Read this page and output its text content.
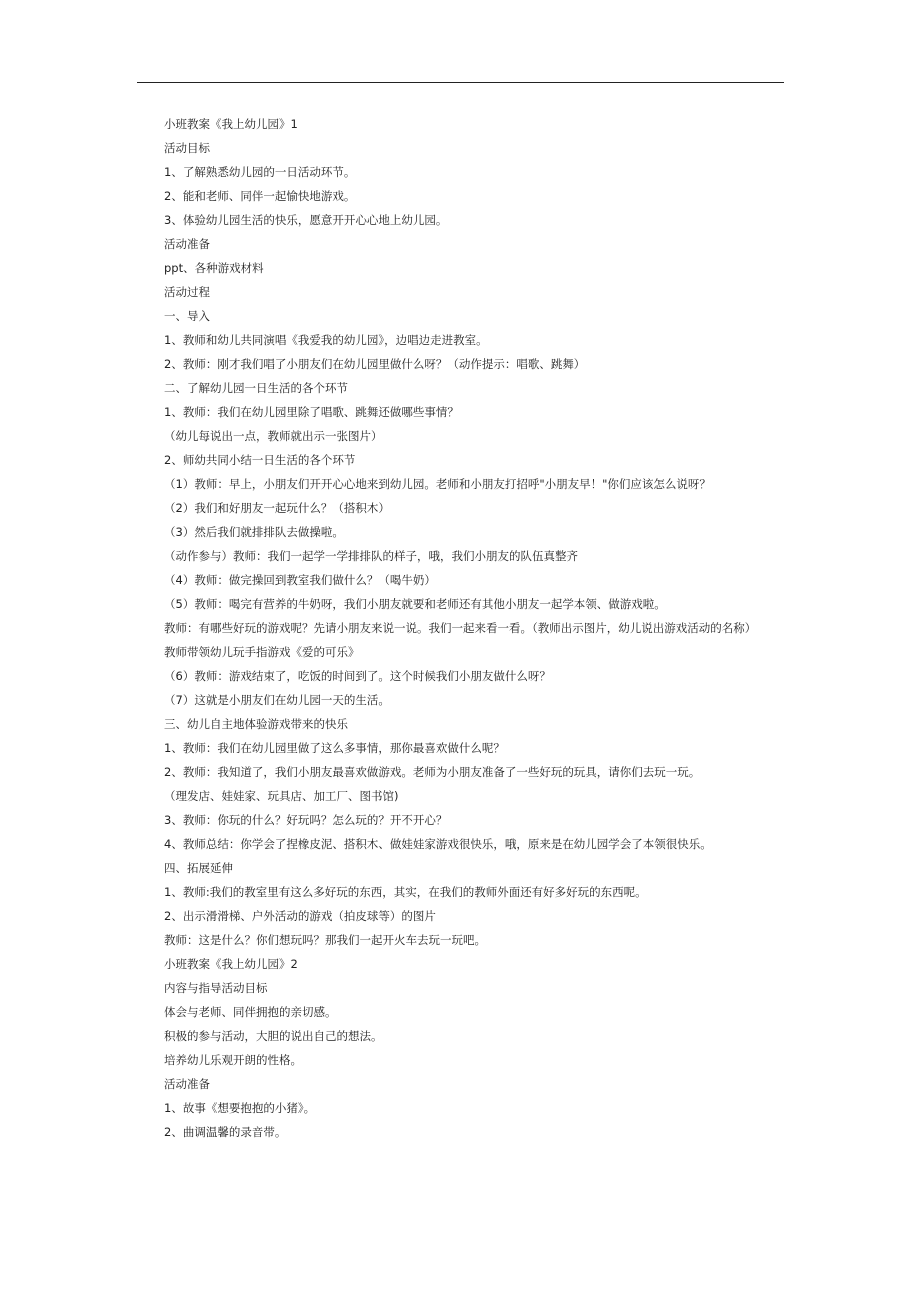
小班教案《我上幼儿园》1
活动目标
1、了解熟悉幼儿园的一日活动环节。
2、能和老师、同伴一起愉快地游戏。
3、体验幼儿园生活的快乐，愿意开开心心地上幼儿园。
活动准备
ppt、各种游戏材料
活动过程
一、导入
1、教师和幼儿共同演唱《我爱我的幼儿园》，边唱边走进教室。
2、教师：刚才我们唱了小朋友们在幼儿园里做什么呀？（动作提示：唱歌、跳舞）
二、了解幼儿园一日生活的各个环节
1、教师：我们在幼儿园里除了唱歌、跳舞还做哪些事情？
（幼儿每说出一点，教师就出示一张图片）
2、师幼共同小结一日生活的各个环节
（1）教师：早上，小朋友们开开心心地来到幼儿园。老师和小朋友打招呼"小朋友早！"你们应该怎么说呀？
（2）我们和好朋友一起玩什么？（搭积木）
（3）然后我们就排排队去做操啦。
（动作参与）教师：我们一起学一学排排队的样子，哦，我们小朋友的队伍真整齐
（4）教师：做完操回到教室我们做什么？（喝牛奶）
（5）教师：喝完有营养的牛奶呀，我们小朋友就要和老师还有其他小朋友一起学本领、做游戏啦。
教师：有哪些好玩的游戏呢？先请小朋友来说一说。我们一起来看一看。（教师出示图片，幼儿说出游戏活动的名称）
教师带领幼儿玩手指游戏《爱的可乐》
（6）教师：游戏结束了，吃饭的时间到了。这个时候我们小朋友做什么呀？
（7）这就是小朋友们在幼儿园一天的生活。
三、幼儿自主地体验游戏带来的快乐
1、教师：我们在幼儿园里做了这么多事情，那你最喜欢做什么呢？
2、教师：我知道了，我们小朋友最喜欢做游戏。老师为小朋友准备了一些好玩的玩具，请你们去玩一玩。
（理发店、娃娃家、玩具店、加工厂、图书馆)
3、教师：你玩的什么？好玩吗？怎么玩的？开不开心？
4、教师总结：你学会了捏橡皮泥、搭积木、做娃娃家游戏很快乐，哦，原来是在幼儿园学会了本领很快乐。
四、拓展延伸
1、教师:我们的教室里有这么多好玩的东西，其实，在我们的教师外面还有好多好玩的东西呢。
2、出示滑滑梯、户外活动的游戏（拍皮球等）的图片
教师：这是什么？你们想玩吗？那我们一起开火车去玩一玩吧。
小班教案《我上幼儿园》2
内容与指导活动目标
体会与老师、同伴拥抱的亲切感。
积极的参与活动，大胆的说出自己的想法。
培养幼儿乐观开朗的性格。
活动准备
1、故事《想要抱抱的小猪》。
2、曲调温馨的录音带。
